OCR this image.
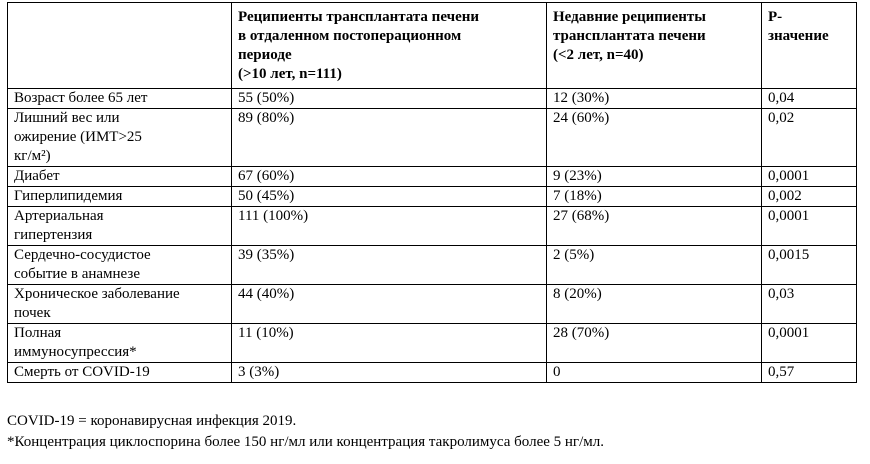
	Реципиенты трансплантата печени
в отдаленном постоперационном
периоде
(>10 лет, n=111)	Недавние реципиенты
трансплантата печени
(<2 лет, n=40)	P-
значение

Возраст более 65 лет	55 (50%)	12 (30%)	0,04

Лишний вес или
ожирение (ИМТ>25
кг/м²)	89 (80%)	24 (60%)	0,02

Диабет	67 (60%)	9 (23%)	0,0001

Гиперлипидемия	50 (45%)	7 (18%)	0,002

Артериальная
гипертензия	111 (100%)	27 (68%)	0,0001

Сердечно-сосудистое
событие в анамнезе	39 (35%)	2 (5%)	0,0015

Хроническое заболевание
почек	44 (40%)	8 (20%)	0,03

Полная
иммуносупрессия*	11 (10%)	28 (70%)	0,0001

Смерть от COVID-19	3 (3%)	0	0,57
COVID-19 = коронавирусная инфекция 2019.
*Концентрация циклоспорина более 150 нг/мл или концентрация такролимуса более 5 нг/мл.
